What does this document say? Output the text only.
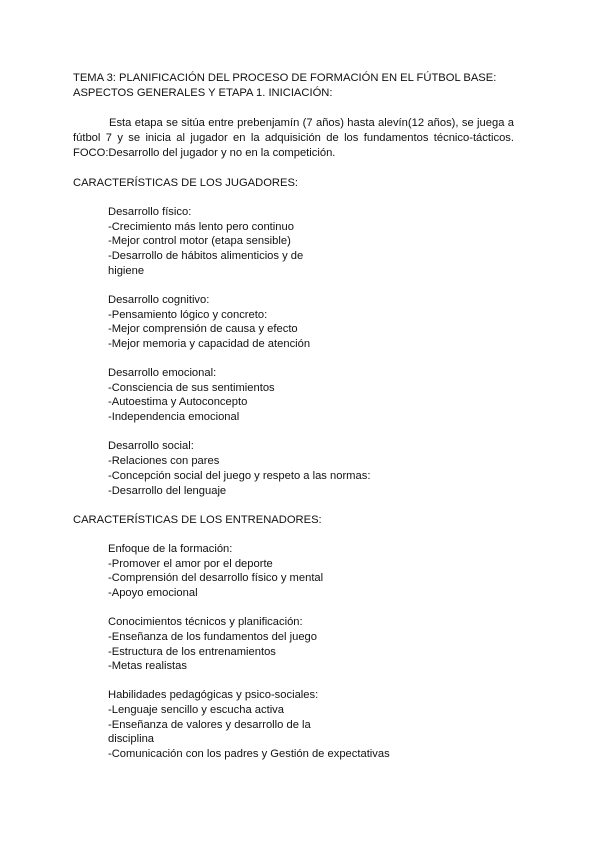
TEMA 3: PLANIFICACIÓN DEL PROCESO DE FORMACIÓN EN EL FÚTBOL BASE:
ASPECTOS GENERALES Y ETAPA 1. INICIACIÓN:
Esta etapa se sitúa entre prebenjamín (7 años) hasta alevín(12 años), se juega a
fútbol 7 y se inicia al jugador en la adquisición de los fundamentos técnico-tácticos.
FOCO:Desarrollo del jugador y no en la competición.
CARACTERÍSTICAS DE LOS JUGADORES:
Desarrollo físico:
-Crecimiento más lento pero continuo
-Mejor control motor (etapa sensible)
-Desarrollo de hábitos alimenticios y de
higiene
Desarrollo cognitivo:
-Pensamiento lógico y concreto:
-Mejor comprensión de causa y efecto
-Mejor memoria y capacidad de atención
Desarrollo emocional:
-Consciencia de sus sentimientos
-Autoestima y Autoconcepto
-Independencia emocional
Desarrollo social:
-Relaciones con pares
-Concepción social del juego y respeto a las normas:
-Desarrollo del lenguaje
CARACTERÍSTICAS DE LOS ENTRENADORES:
Enfoque de la formación:
-Promover el amor por el deporte
-Comprensión del desarrollo físico y mental
-Apoyo emocional
Conocimientos técnicos y planificación:
-Enseñanza de los fundamentos del juego
-Estructura de los entrenamientos
-Metas realistas
Habilidades pedagógicas y psico-sociales:
-Lenguaje sencillo y escucha activa
-Enseñanza de valores y desarrollo de la
disciplina
-Comunicación con los padres y Gestión de expectativas
